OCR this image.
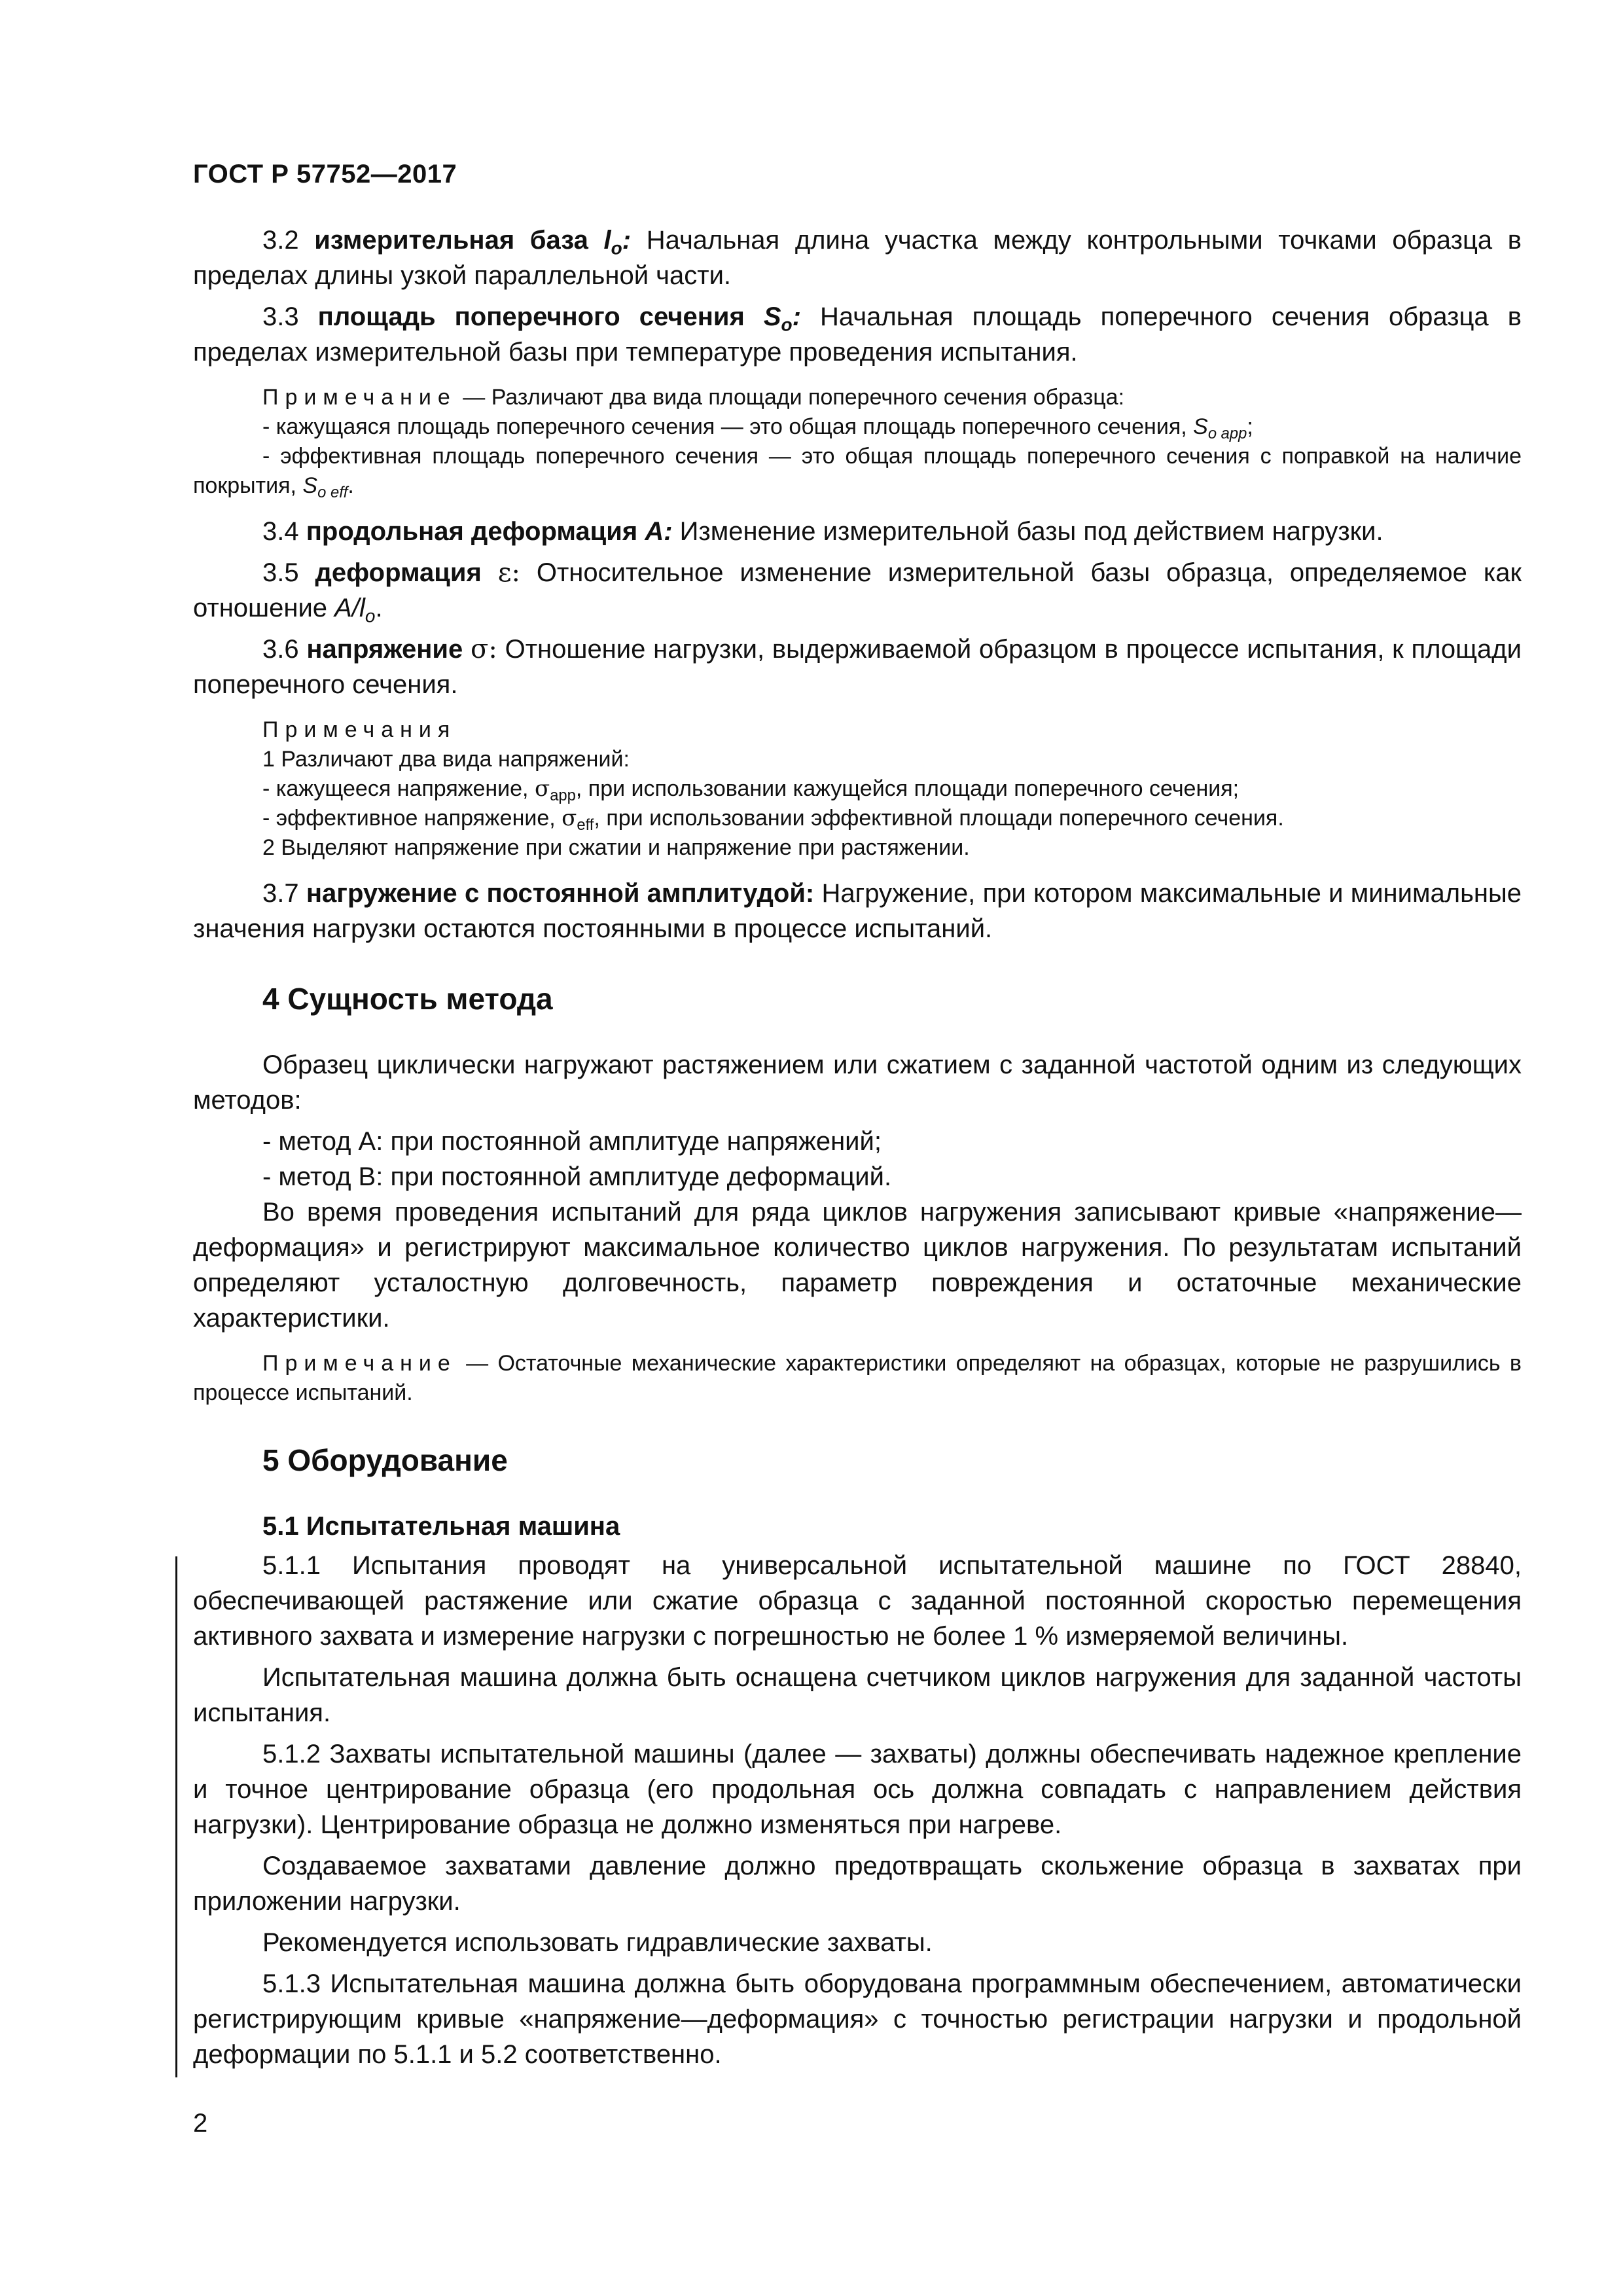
ГОСТ Р 57752—2017

3.2 измерительная база $l_o$: Начальная длина участка между контрольными точками образца в пределах длины узкой параллельной части.

3.3 площадь поперечного сечения $S_o$: Начальная площадь поперечного сечения образца в пределах измерительной базы при температуре проведения испытания.

Примечание — Различают два вида площади поперечного сечения образца:

- кажущаяся площадь поперечного сечения — это общая площадь поперечного сечения, $S_{o app}$;

- эффективная площадь поперечного сечения — это общая площадь поперечного сечения с поправкой на наличие покрытия, $S_{o eff}$.

3.4 продольная деформация A: Изменение измерительной базы под действием нагрузки.

3.5 деформация ε: Относительное изменение измерительной базы образца, определяемое как отношение $A/l_o$.

3.6 напряжение σ: Отношение нагрузки, выдерживаемой образцом в процессе испытания, к площади поперечного сечения.

Примечания

1 Различают два вида напряжений:

- кажущееся напряжение, $\sigma_{app}$, при использовании кажущейся площади поперечного сечения;

- эффективное напряжение, $\sigma_{eff}$, при использовании эффективной площади поперечного сечения.

2 Выделяют напряжение при сжатии и напряжение при растяжении.

3.7 нагружение с постоянной амплитудой: Нагружение, при котором максимальные и минимальные значения нагрузки остаются постоянными в процессе испытаний.

4 Сущность метода

Образец циклически нагружают растяжением или сжатием с заданной частотой одним из следующих методов:

- метод А: при постоянной амплитуде напряжений;

- метод В: при постоянной амплитуде деформаций.

Во время проведения испытаний для ряда циклов нагружения записывают кривые «напряжение—деформация» и регистрируют максимальное количество циклов нагружения. По результатам испытаний определяют усталостную долговечность, параметр повреждения и остаточные механические характеристики.

Примечание — Остаточные механические характеристики определяют на образцах, которые не разрушились в процессе испытаний.

5 Оборудование
5.1 Испытательная машина

5.1.1 Испытания проводят на универсальной испытательной машине по ГОСТ 28840, обеспечивающей растяжение или сжатие образца с заданной постоянной скоростью перемещения активного захвата и измерение нагрузки с погрешностью не более 1 % измеряемой величины.

Испытательная машина должна быть оснащена счетчиком циклов нагружения для заданной частоты испытания.

5.1.2 Захваты испытательной машины (далее — захваты) должны обеспечивать надежное крепление и точное центрирование образца (его продольная ось должна совпадать с направлением действия нагрузки). Центрирование образца не должно изменяться при нагреве.

Создаваемое захватами давление должно предотвращать скольжение образца в захватах при приложении нагрузки.

Рекомендуется использовать гидравлические захваты.

5.1.3 Испытательная машина должна быть оборудована программным обеспечением, автоматически регистрирующим кривые «напряжение—деформация» с точностью регистрации нагрузки и продольной деформации по 5.1.1 и 5.2 соответственно.

2
